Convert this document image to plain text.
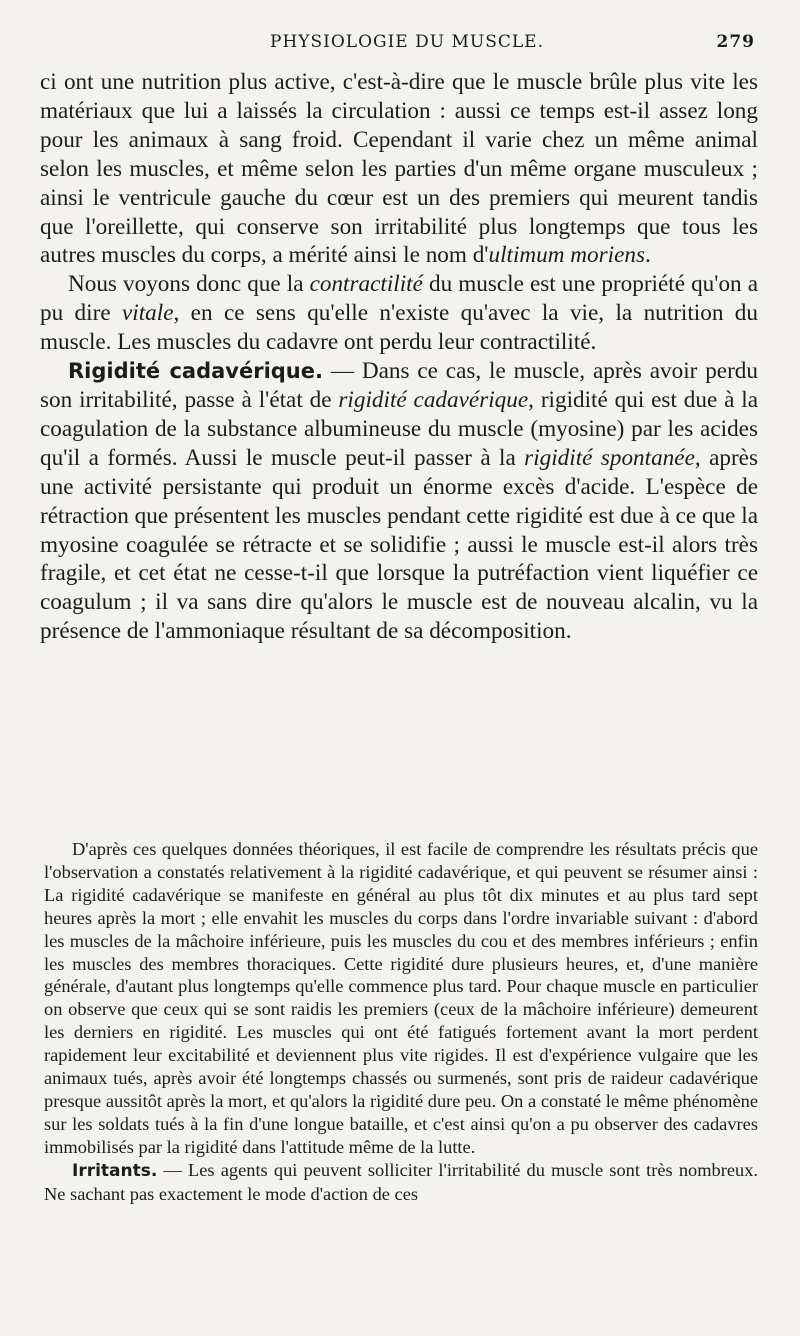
PHYSIOLOGIE DU MUSCLE.	279

ci ont une nutrition plus active, c'est-à-dire que le muscle brûle plus vite les matériaux que lui a laissés la circulation : aussi ce temps est-il assez long pour les animaux à sang froid. Cependant il varie chez un même animal selon les muscles, et même selon les parties d'un même organe musculeux ; ainsi le ventricule gauche du cœur est un des premiers qui meurent tandis que l'oreillette, qui conserve son irritabilité plus longtemps que tous les autres muscles du corps, a mérité ainsi le nom d'ultimum moriens.

Nous voyons donc que la contractilité du muscle est une propriété qu'on a pu dire vitale, en ce sens qu'elle n'existe qu'avec la vie, la nutrition du muscle. Les muscles du cadavre ont perdu leur contractilité.

Rigidité cadavérique. — Dans ce cas, le muscle, après avoir perdu son irritabilité, passe à l'état de rigidité cadavérique, rigidité qui est due à la coagulation de la substance albumineuse du muscle (myosine) par les acides qu'il a formés. Aussi le muscle peut-il passer à la rigidité spontanée, après une activité persistante qui produit un énorme excès d'acide. L'espèce de rétraction que présentent les muscles pendant cette rigidité est due à ce que la myosine coagulée se rétracte et se solidifie ; aussi le muscle est-il alors très fragile, et cet état ne cesse-t-il que lorsque la putréfaction vient liquéfier ce coagulum ; il va sans dire qu'alors le muscle est de nouveau alcalin, vu la présence de l'ammoniaque résultant de sa décomposition.

D'après ces quelques données théoriques, il est facile de comprendre les résultats précis que l'observation a constatés relativement à la rigidité cadavérique, et qui peuvent se résumer ainsi : La rigidité cadavérique se manifeste en général au plus tôt dix minutes et au plus tard sept heures après la mort ; elle envahit les muscles du corps dans l'ordre invariable suivant : d'abord les muscles de la mâchoire inférieure, puis les muscles du cou et des membres inférieurs ; enfin les muscles des membres thoraciques. Cette rigidité dure plusieurs heures, et, d'une manière générale, d'autant plus longtemps qu'elle commence plus tard. Pour chaque muscle en particulier on observe que ceux qui se sont raidis les premiers (ceux de la mâchoire inférieure) demeurent les derniers en rigidité. Les muscles qui ont été fatigués fortement avant la mort perdent rapidement leur excitabilité et deviennent plus vite rigides. Il est d'expérience vulgaire que les animaux tués, après avoir été longtemps chassés ou surmenés, sont pris de raideur cadavérique presque aussitôt après la mort, et qu'alors la rigidité dure peu. On a constaté le même phénomène sur les soldats tués à la fin d'une longue bataille, et c'est ainsi qu'on a pu observer des cadavres immobilisés par la rigidité dans l'attitude même de la lutte.

Irritants. — Les agents qui peuvent solliciter l'irritabilité du muscle sont très nombreux. Ne sachant pas exactement le mode d'action de ces
